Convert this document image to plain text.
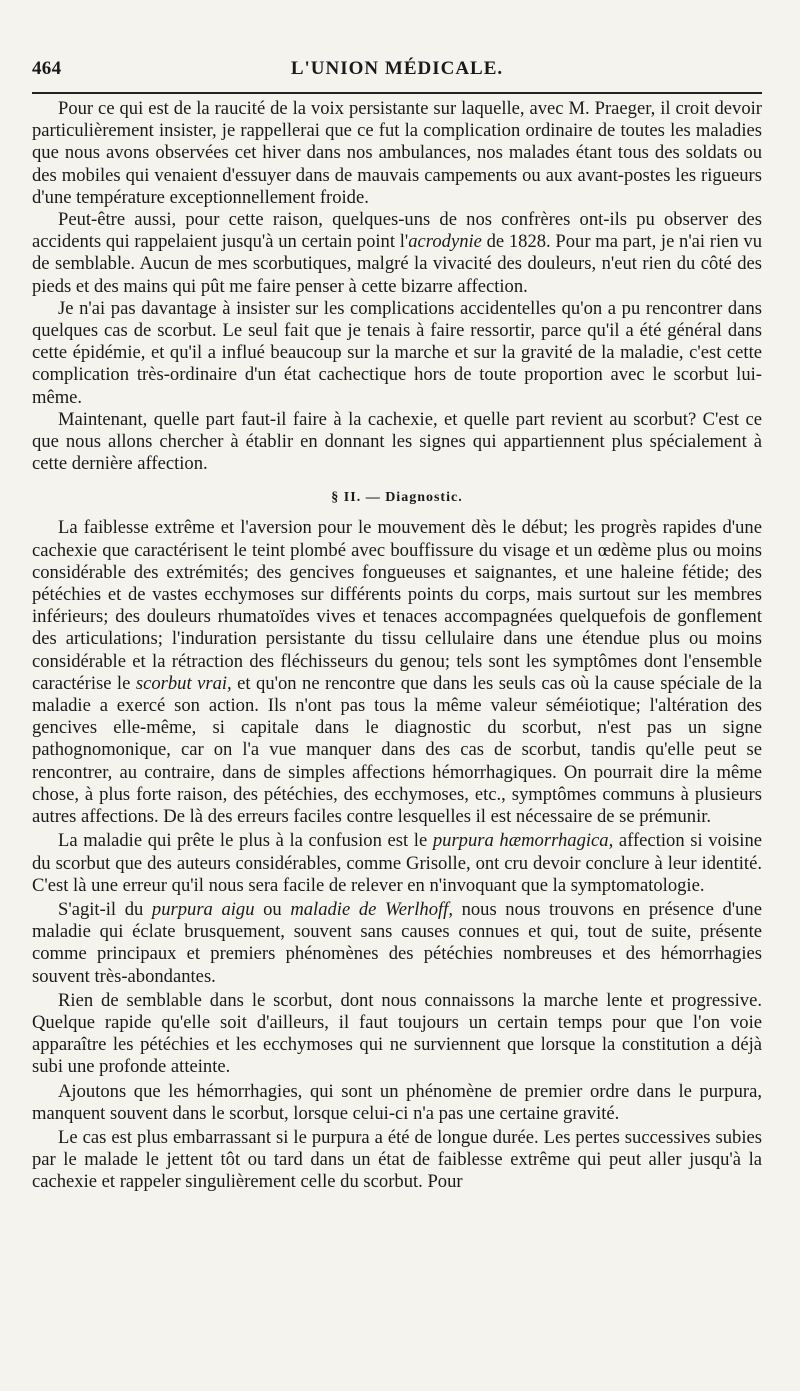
464	L'UNION MÉDICALE.

Pour ce qui est de la raucité de la voix persistante sur laquelle, avec M. Praeger, il croit devoir particulièrement insister, je rappellerai que ce fut la complication ordinaire de toutes les maladies que nous avons observées cet hiver dans nos ambulances, nos malades étant tous des soldats ou des mobiles qui venaient d'essuyer dans de mauvais campements ou aux avant-postes les rigueurs d'une température exceptionnellement froide.

Peut-être aussi, pour cette raison, quelques-uns de nos confrères ont-ils pu observer des accidents qui rappelaient jusqu'à un certain point l'acrodynie de 1828. Pour ma part, je n'ai rien vu de semblable. Aucun de mes scorbutiques, malgré la vivacité des douleurs, n'eut rien du côté des pieds et des mains qui pût me faire penser à cette bizarre affection.

Je n'ai pas davantage à insister sur les complications accidentelles qu'on a pu rencontrer dans quelques cas de scorbut. Le seul fait que je tenais à faire ressortir, parce qu'il a été général dans cette épidémie, et qu'il a influé beaucoup sur la marche et sur la gravité de la maladie, c'est cette complication très-ordinaire d'un état cachectique hors de toute proportion avec le scorbut lui-même.

Maintenant, quelle part faut-il faire à la cachexie, et quelle part revient au scorbut? C'est ce que nous allons chercher à établir en donnant les signes qui appartiennent plus spécialement à cette dernière affection.

§ II. — Diagnostic.

La faiblesse extrême et l'aversion pour le mouvement dès le début; les progrès rapides d'une cachexie que caractérisent le teint plombé avec bouffissure du visage et un œdème plus ou moins considérable des extrémités; des gencives fongueuses et saignantes, et une haleine fétide; des pétéchies et de vastes ecchymoses sur différents points du corps, mais surtout sur les membres inférieurs; des douleurs rhumatoïdes vives et tenaces accompagnées quelquefois de gonflement des articulations; l'induration persistante du tissu cellulaire dans une étendue plus ou moins considérable et la rétraction des fléchisseurs du genou; tels sont les symptômes dont l'ensemble caractérise le scorbut vrai, et qu'on ne rencontre que dans les seuls cas où la cause spéciale de la maladie a exercé son action. Ils n'ont pas tous la même valeur séméiotique; l'altération des gencives elle-même, si capitale dans le diagnostic du scorbut, n'est pas un signe pathognomonique, car on l'a vue manquer dans des cas de scorbut, tandis qu'elle peut se rencontrer, au contraire, dans de simples affections hémorrhagiques. On pourrait dire la même chose, à plus forte raison, des pétéchies, des ecchymoses, etc., symptômes communs à plusieurs autres affections. De là des erreurs faciles contre lesquelles il est nécessaire de se prémunir.

La maladie qui prête le plus à la confusion est le purpura hæmorrhagica, affection si voisine du scorbut que des auteurs considérables, comme Grisolle, ont cru devoir conclure à leur identité. C'est là une erreur qu'il nous sera facile de relever en n'invoquant que la symptomatologie.

S'agit-il du purpura aigu ou maladie de Werlhoff, nous nous trouvons en présence d'une maladie qui éclate brusquement, souvent sans causes connues et qui, tout de suite, présente comme principaux et premiers phénomènes des pétéchies nombreuses et des hémorrhagies souvent très-abondantes.

Rien de semblable dans le scorbut, dont nous connaissons la marche lente et progressive. Quelque rapide qu'elle soit d'ailleurs, il faut toujours un certain temps pour que l'on voie apparaître les pétéchies et les ecchymoses qui ne surviennent que lorsque la constitution a déjà subi une profonde atteinte.

Ajoutons que les hémorrhagies, qui sont un phénomène de premier ordre dans le purpura, manquent souvent dans le scorbut, lorsque celui-ci n'a pas une certaine gravité.

Le cas est plus embarrassant si le purpura a été de longue durée. Les pertes successives subies par le malade le jettent tôt ou tard dans un état de faiblesse extrême qui peut aller jusqu'à la cachexie et rappeler singulièrement celle du scorbut. Pour
